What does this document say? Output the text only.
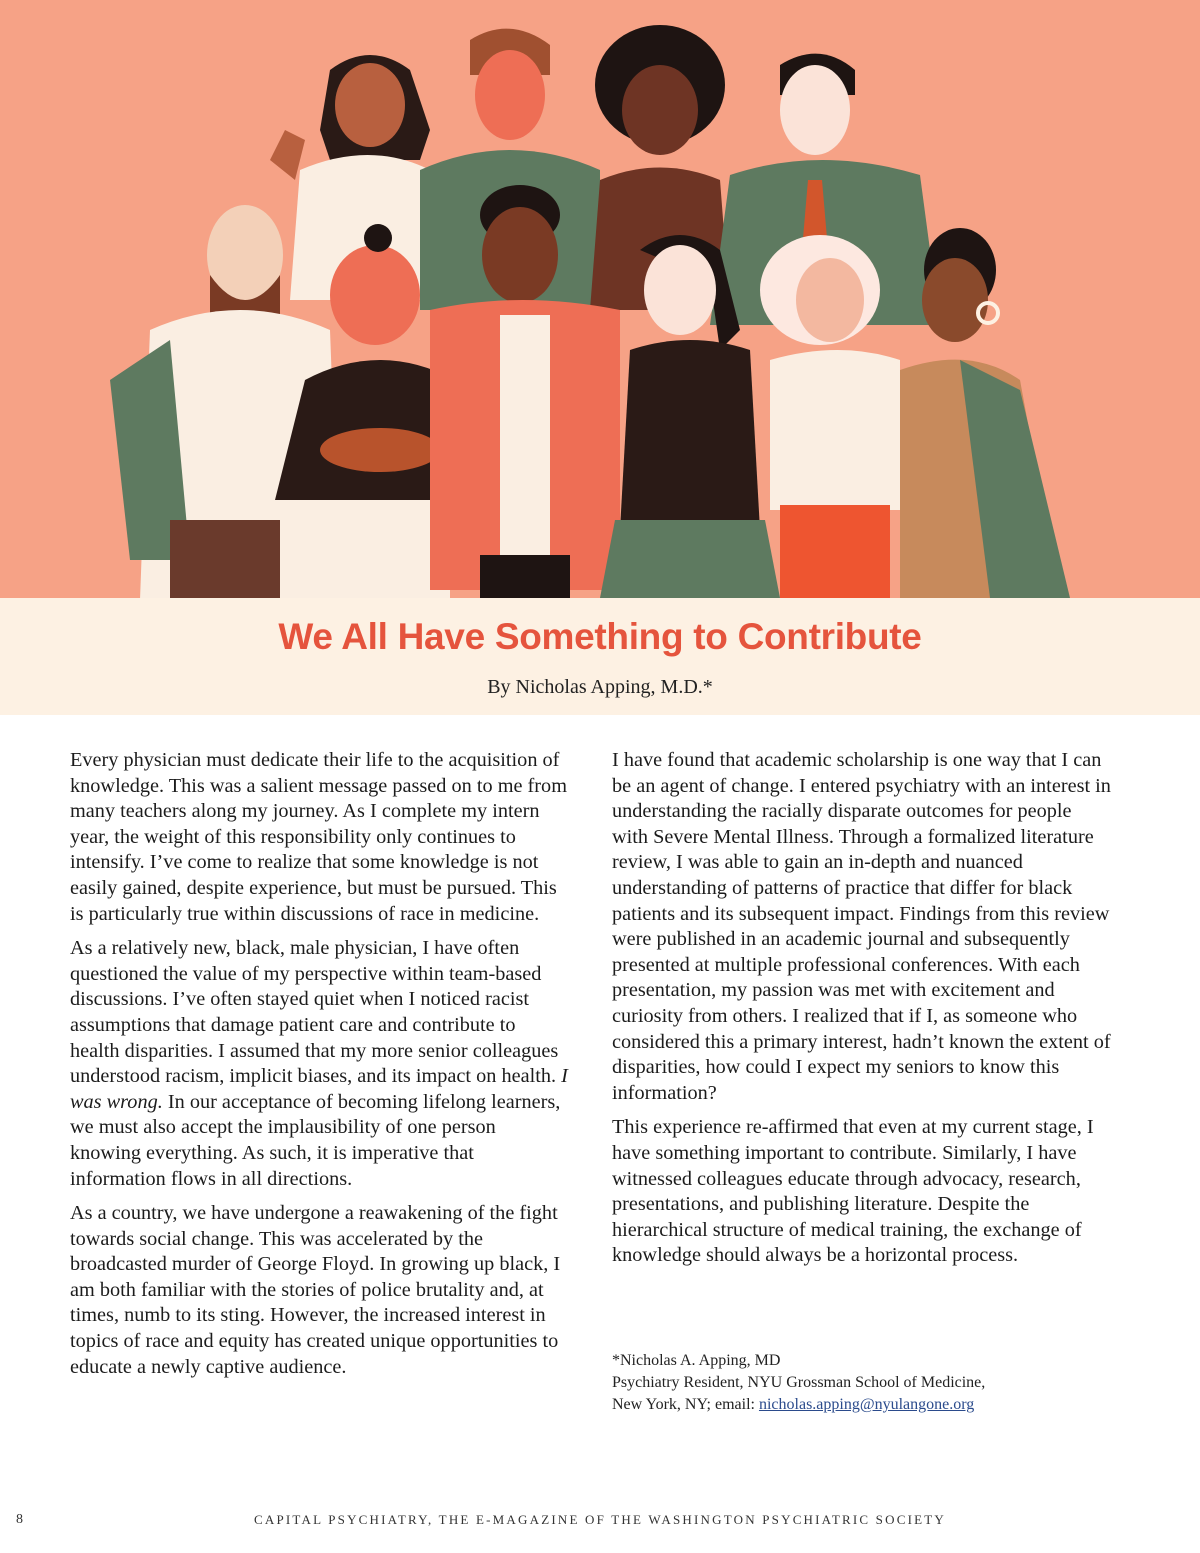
We All Have Something to Contribute
By Nicholas Apping, M.D.*

Every physician must dedicate their life to the acquisition of knowledge. This was a salient message passed on to me from many teachers along my journey. As I complete my intern year, the weight of this responsibility only continues to intensify. I’ve come to realize that some knowledge is not easily gained, despite experience, but must be pursued. This is particularly true within discussions of race in medicine.

As a relatively new, black, male physician, I have often questioned the value of my perspective within team-based discussions. I’ve often stayed quiet when I noticed racist assumptions that damage patient care and contribute to health disparities. I assumed that my more senior colleagues understood racism, implicit biases, and its impact on health. I was wrong. In our acceptance of becoming lifelong learners, we must also accept the implausibility of one person knowing everything. As such, it is imperative that information flows in all directions.

As a country, we have undergone a reawakening of the fight towards social change. This was accelerated by the broadcasted murder of George Floyd. In growing up black, I am both familiar with the stories of police brutality and, at times, numb to its sting. However, the increased interest in topics of race and equity has created unique opportunities to educate a newly captive audience.

I have found that academic scholarship is one way that I can be an agent of change. I entered psychiatry with an interest in understanding the racially disparate outcomes for people with Severe Mental Illness. Through a formalized literature review, I was able to gain an in-depth and nuanced understanding of patterns of practice that differ for black patients and its subsequent impact. Findings from this review were published in an academic journal and subsequently presented at multiple professional conferences. With each presentation, my passion was met with excitement and curiosity from others. I realized that if I, as someone who considered this a primary interest, hadn’t known the extent of disparities, how could I expect my seniors to know this information?

This experience re-affirmed that even at my current stage, I have something important to contribute. Similarly, I have witnessed colleagues educate through advocacy, research, presentations, and publishing literature. Despite the hierarchical structure of medical training, the exchange of knowledge should always be a horizontal process.

*Nicholas A. Apping, MD
Psychiatry Resident, NYU Grossman School of Medicine,
New York, NY; email: nicholas.apping@nyulangone.org
8	CAPITAL PSYCHIATRY, THE E-MAGAZINE OF THE WASHINGTON PSYCHIATRIC SOCIETY
